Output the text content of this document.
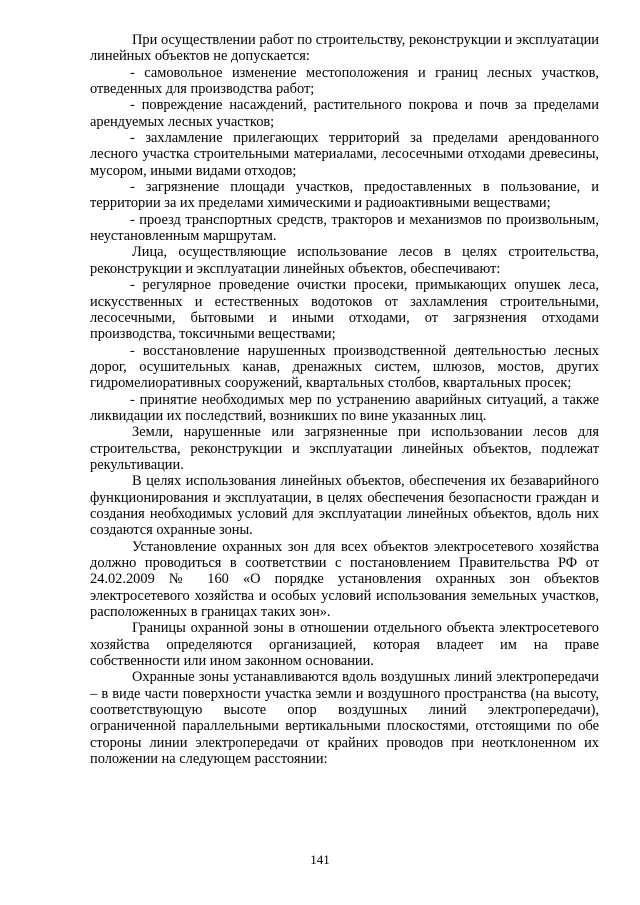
При осуществлении работ по строительству, реконструкции и эксплуатации линейных объектов не допускается:

- самовольное изменение местоположения и границ лесных участков, отведенных для производства работ;

- повреждение насаждений, растительного покрова и почв за пределами арендуемых лесных участков;

- захламление прилегающих территорий за пределами арендованного лесного участка строительными материалами, лесосечными отходами древесины, мусором, иными видами отходов;

- загрязнение площади участков, предоставленных в пользование, и территории за их пределами химическими и радиоактивными веществами;

- проезд транспортных средств, тракторов и механизмов по произвольным, неустановленным маршрутам.

Лица, осуществляющие использование лесов в целях строительства, реконструкции и эксплуатации линейных объектов, обеспечивают:

- регулярное проведение очистки просеки, примыкающих опушек леса, искусственных и естественных водотоков от захламления строительными, лесосечными, бытовыми и иными отходами, от загрязнения отходами производства, токсичными веществами;

- восстановление нарушенных производственной деятельностью лесных дорог, осушительных канав, дренажных систем, шлюзов, мостов, других гидромелиоративных сооружений, квартальных столбов, квартальных просек;

- принятие необходимых мер по устранению аварийных ситуаций, а также ликвидации их последствий, возникших по вине указанных лиц.

Земли, нарушенные или загрязненные при использовании лесов для строительства, реконструкции и эксплуатации линейных объектов, подлежат рекультивации.

В целях использования линейных объектов, обеспечения их безаварийного функционирования и эксплуатации, в целях обеспечения безопасности граждан и создания необходимых условий для эксплуатации линейных объектов, вдоль них создаются охранные зоны.

Установление охранных зон для всех объектов электросетевого хозяйства должно проводиться в соответствии с постановлением Правительства РФ от 24.02.2009 № 160 «О порядке установления охранных зон объектов электросетевого хозяйства и особых условий использования земельных участков, расположенных в границах таких зон».

Границы охранной зоны в отношении отдельного объекта электросетевого хозяйства определяются организацией, которая владеет им на праве собственности или ином законном основании.

Охранные зоны устанавливаются вдоль воздушных линий электропередачи – в виде части поверхности участка земли и воздушного пространства (на высоту, соответствующую высоте опор воздушных линий электропередачи), ограниченной параллельными вертикальными плоскостями, отстоящими по обе стороны линии электропередачи от крайних проводов при неотклоненном их положении на следующем расстоянии:

141
